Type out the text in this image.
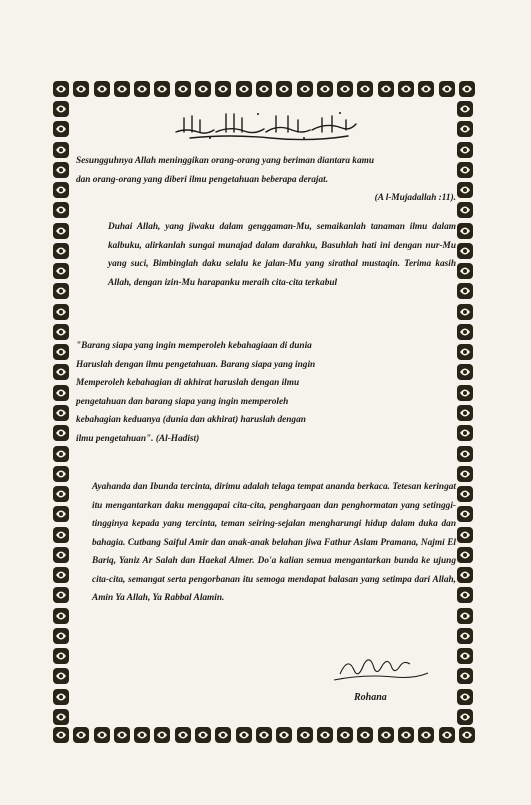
Sesungguhnya Allah meninggikan orang-orang yang beriman diantara kamu
dan orang-orang yang diberi ilmu pengetahuan beberapa derajat.
(A l-Mujadallah :11).
Duhai Allah, yang jiwaku dalam genggaman-Mu, semaikanlah tanaman ilmu dalam kalbuku, alirkanlah sungai munajad dalam darahku, Basuhlah hati ini dengan nur-Mu yang suci, Bimbinglah daku selalu ke jalan-Mu yang sirathal mustaqin. Terima kasih Allah, dengan izin-Mu harapanku meraih cita-cita terkabul
"Barang siapa yang ingin memperoleh kebahagiaan di dunia
Haruslah dengan ilmu pengetahuan. Barang siapa yang ingin
Memperoleh kebahagian di akhirat haruslah dengan ilmu
pengetahuan dan barang siapa yang ingin memperoleh
kebahagian keduanya (dunia dan akhirat) haruslah dengan
ilmu pengetahuan". (Al-Hadist)
Ayahanda dan Ibunda tercinta, dirimu adalah telaga tempat ananda berkaca. Tetesan keringat itu mengantarkan daku menggapai cita-cita, penghargaan dan penghormatan yang setinggi-tingginya kepada yang tercinta, teman seiring-sejalan mengharungi hidup dalam duka dan bahagia. Cutbang Saiful Amir dan anak-anak belahan jiwa Fathur Aslam Pramana, Najmi El Bariq, Yaniz Ar Salah dan Haekal Almer. Do'a kalian semua mengantarkan bunda ke ujung cita-cita, semangat serta pengorbanan itu semoga mendapat balasan yang setimpa dari Allah, Amin Ya Allah, Ya Rabbal Alamin.
Rohana
